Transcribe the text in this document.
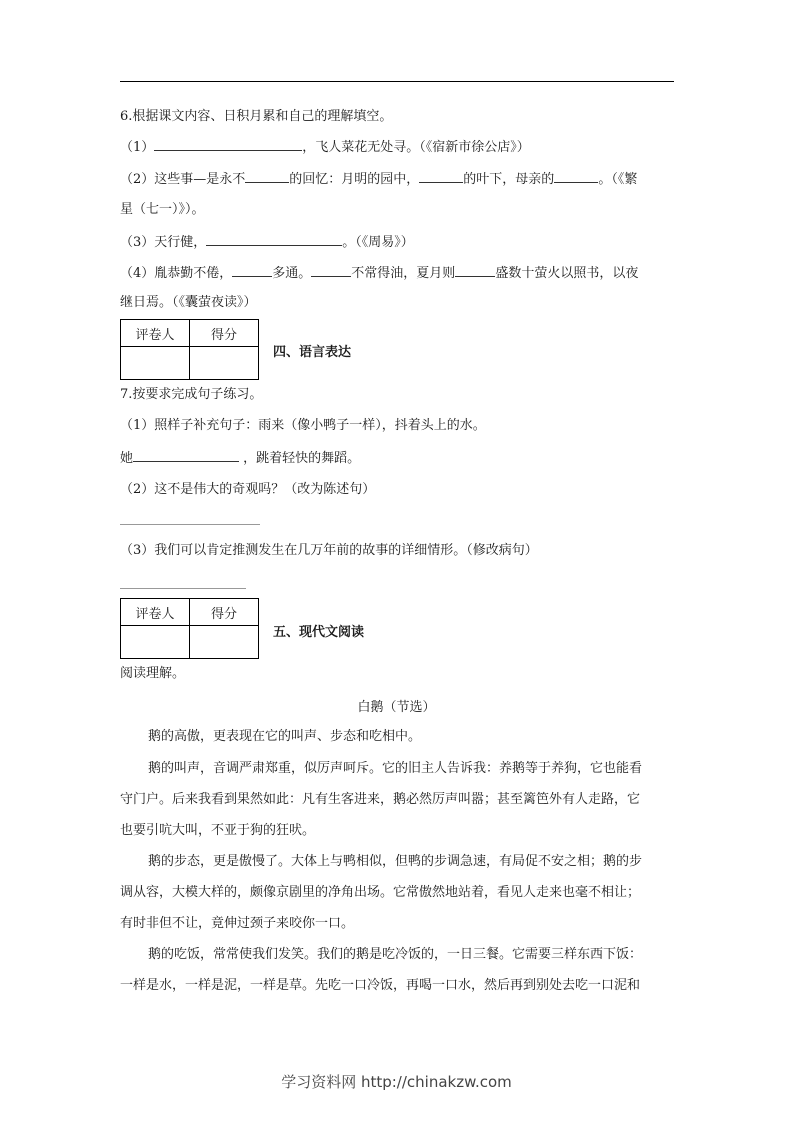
6.根据课文内容、日积月累和自己的理解填空。
（1）	，飞人菜花无处寻。（《宿新市徐公店》）
（2）这些事—是永不	的回忆：月明的园中，	的叶下，母亲的	。（《繁
星（七一）》）。
（3）天行健，	。（《周易》）
（4）胤恭勤不倦，	多通。	不常得油，夏月则	盛数十萤火以照书，以夜
继日焉。（《囊萤夜读》）
评卷人	得分

四、语言表达
7.按要求完成句子练习。
（1）照样子补充句子：雨来（像小鸭子一样），抖着头上的水。
她	，跳着轻快的舞蹈。
（2）这不是伟大的奇观吗？（改为陈述句）
（3）我们可以肯定推测发生在几万年前的故事的详细情形。（修改病句）
评卷人	得分

五、现代文阅读
阅读理解。
白鹅（节选）
鹅的高傲，更表现在它的叫声、步态和吃相中。
鹅的叫声，音调严肃郑重，似厉声呵斥。它的旧主人告诉我：养鹅等于养狗，它也能看
守门户。后来我看到果然如此：凡有生客进来，鹅必然厉声叫嚣；甚至篱笆外有人走路，它
也要引吭大叫，不亚于狗的狂吠。
鹅的步态，更是傲慢了。大体上与鸭相似，但鸭的步调急速，有局促不安之相；鹅的步
调从容，大模大样的，颇像京剧里的净角出场。它常傲然地站着，看见人走来也毫不相让；
有时非但不让，竟伸过颈子来咬你一口。
鹅的吃饭，常常使我们发笑。我们的鹅是吃冷饭的，一日三餐。它需要三样东西下饭：
一样是水，一样是泥，一样是草。先吃一口冷饭，再喝一口水，然后再到别处去吃一口泥和
学习资料网 http://chinakzw.com
